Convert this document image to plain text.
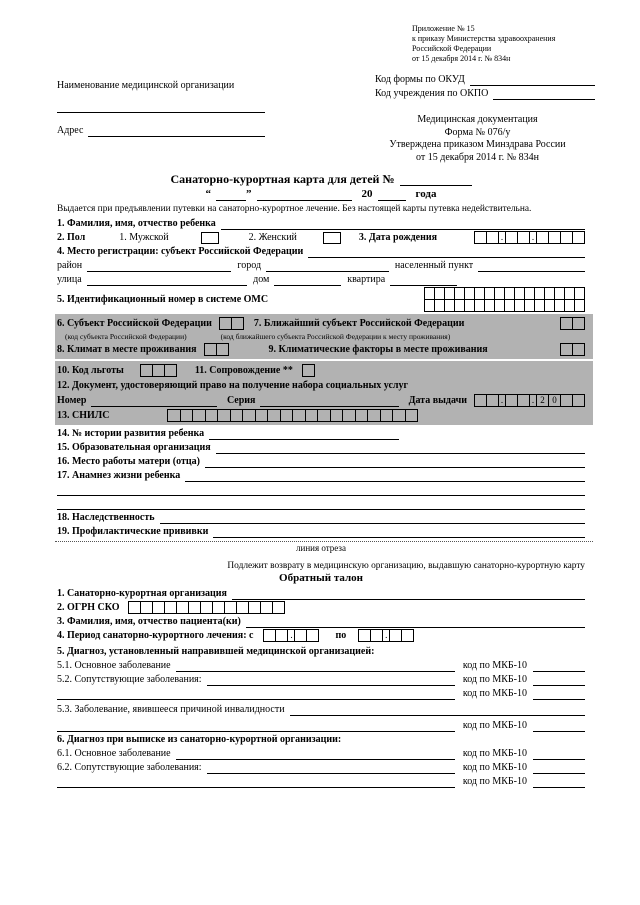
Наименование медицинской организации
Адрес
Приложение № 15
к приказу Министерства здравоохранения
Российской Федерации
от 15 декабря 2014 г. № 834н
Код формы по ОКУД
Код учреждения по ОКПО
Медицинская документация
Форма № 076/у
Утверждена приказом Минздрава России
от 15 декабря 2014 г. № 834н
Санаторно-курортная карта для детей №
“	”	20	года
Выдается при предъявлении путевки на санаторно-курортное лечение. Без настоящей карты путевка недействительна.
1. Фамилия, имя, отчество ребенка
2. Пол	1. Мужской	2. Женский	3. Дата рождения	.	.
4. Место регистрации: субъект Российской Федерации
район	город	населенный пункт
улица	дом	квартира
5. Идентификационный номер в системе ОМС
6. Субъект Российской Федерации	7. Ближайший субъект Российской Федерации
(код субъекта Российской Федерации)	(код ближайшего субъекта Российской Федерации к месту проживания)
8. Климат в месте проживания	9. Климатические факторы в месте проживания
10. Код льготы	11. Сопровождение **
12. Документ, удостоверяющий право на получение набора социальных услуг
Номер	Серия	Дата выдачи	.	. 2 0
13. СНИЛС
14. № истории развития ребенка
15. Образовательная организация
16. Место работы матери (отца)
17. Анамнез жизни ребенка
18. Наследственность
19. Профилактические прививки
линия отреза
Подлежит возврату в медицинскую организацию, выдавшую санаторно-курортную карту
Обратный талон
1. Санаторно-курортная организация
2. ОГРН СКО
3. Фамилия, имя, отчество пациента(ки)
4. Период санаторно-курортного лечения: с	.	по	.
5. Диагноз, установленный направившей медицинской организацией:
5.1. Основное заболевание	код по МКБ-10
5.2. Сопутствующие заболевания:	код по МКБ-10
код по МКБ-10
5.3. Заболевание, явившееся причиной инвалидности
код по МКБ-10
6. Диагноз при выписке из санаторно-курортной организации:
6.1. Основное заболевание	код по МКБ-10
6.2. Сопутствующие заболевания:	код по МКБ-10
код по МКБ-10
